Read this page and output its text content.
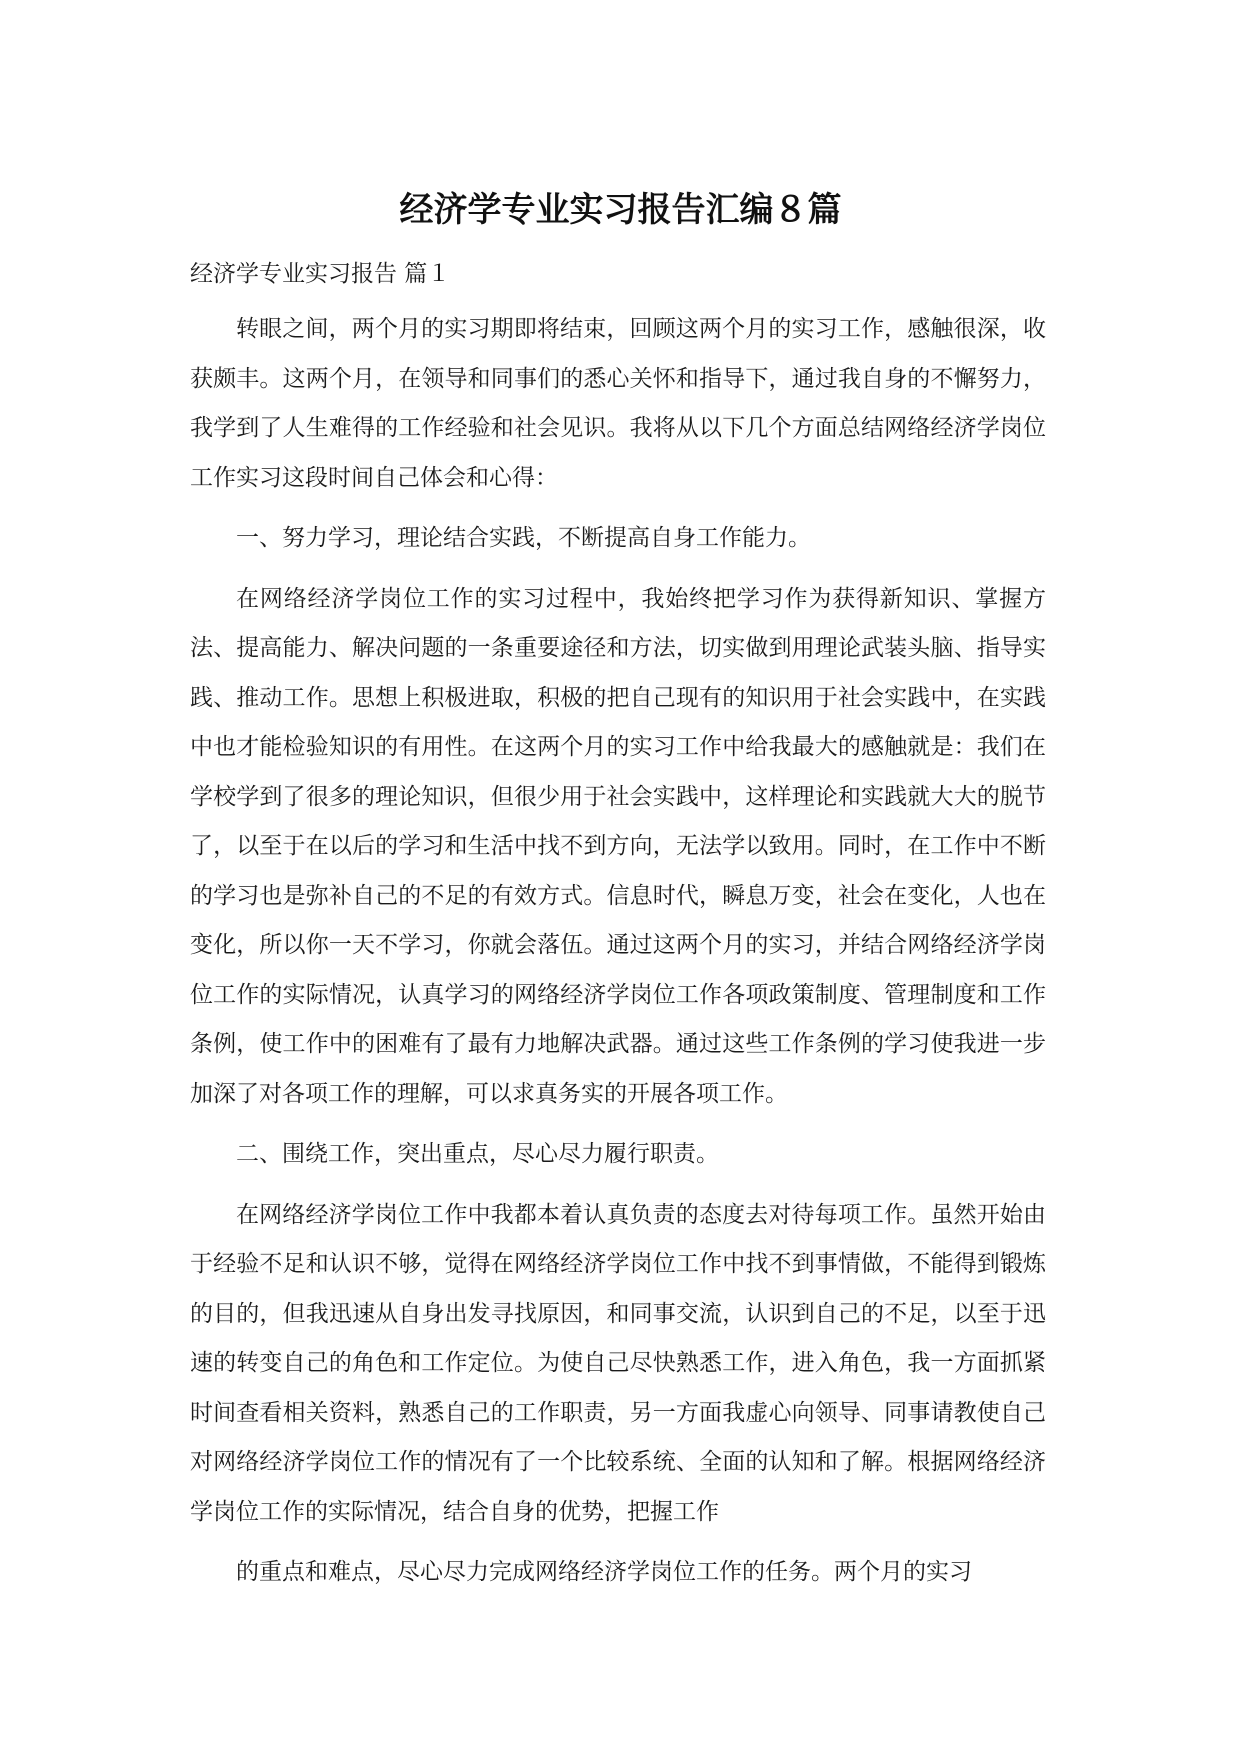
经济学专业实习报告汇编８篇

经济学专业实习报告 篇１

转眼之间，两个月的实习期即将结束，回顾这两个月的实习工作，感触很深，收获颇丰。这两个月，在领导和同事们的悉心关怀和指导下，通过我自身的不懈努力，我学到了人生难得的工作经验和社会见识。我将从以下几个方面总结网络经济学岗位工作实习这段时间自己体会和心得：

一、努力学习，理论结合实践，不断提高自身工作能力。

在网络经济学岗位工作的实习过程中，我始终把学习作为获得新知识、掌握方法、提高能力、解决问题的一条重要途径和方法，切实做到用理论武装头脑、指导实践、推动工作。思想上积极进取，积极的把自己现有的知识用于社会实践中，在实践中也才能检验知识的有用性。在这两个月的实习工作中给我最大的感触就是：我们在学校学到了很多的理论知识，但很少用于社会实践中，这样理论和实践就大大的脱节了，以至于在以后的学习和生活中找不到方向，无法学以致用。同时，在工作中不断的学习也是弥补自己的不足的有效方式。信息时代，瞬息万变，社会在变化，人也在变化，所以你一天不学习，你就会落伍。通过这两个月的实习，并结合网络经济学岗位工作的实际情况，认真学习的网络经济学岗位工作各项政策制度、管理制度和工作条例，使工作中的困难有了最有力地解决武器。通过这些工作条例的学习使我进一步加深了对各项工作的理解，可以求真务实的开展各项工作。

二、围绕工作，突出重点，尽心尽力履行职责。

在网络经济学岗位工作中我都本着认真负责的态度去对待每项工作。虽然开始由于经验不足和认识不够，觉得在网络经济学岗位工作中找不到事情做，不能得到锻炼的目的，但我迅速从自身出发寻找原因，和同事交流，认识到自己的不足，以至于迅速的转变自己的角色和工作定位。为使自己尽快熟悉工作，进入角色，我一方面抓紧时间查看相关资料，熟悉自己的工作职责，另一方面我虚心向领导、同事请教使自己对网络经济学岗位工作的情况有了一个比较系统、全面的认知和了解。根据网络经济学岗位工作的实际情况，结合自身的优势，把握工作

的重点和难点，尽心尽力完成网络经济学岗位工作的任务。两个月的实习
